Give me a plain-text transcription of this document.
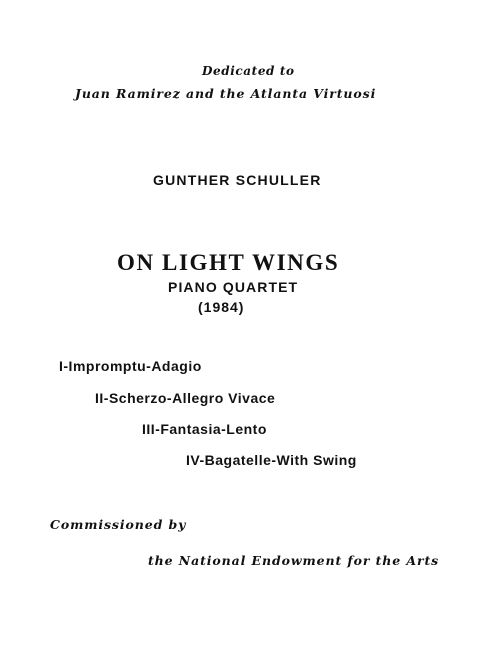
Dedicated to
Juan Ramirez and the Atlanta Virtuosi
GUNTHER SCHULLER
ON LIGHT WINGS
PIANO QUARTET
(1984)
I-Impromptu-Adagio
II-Scherzo-Allegro Vivace
III-Fantasia-Lento
IV-Bagatelle-With Swing
Commissioned by
the National Endowment for the Arts
